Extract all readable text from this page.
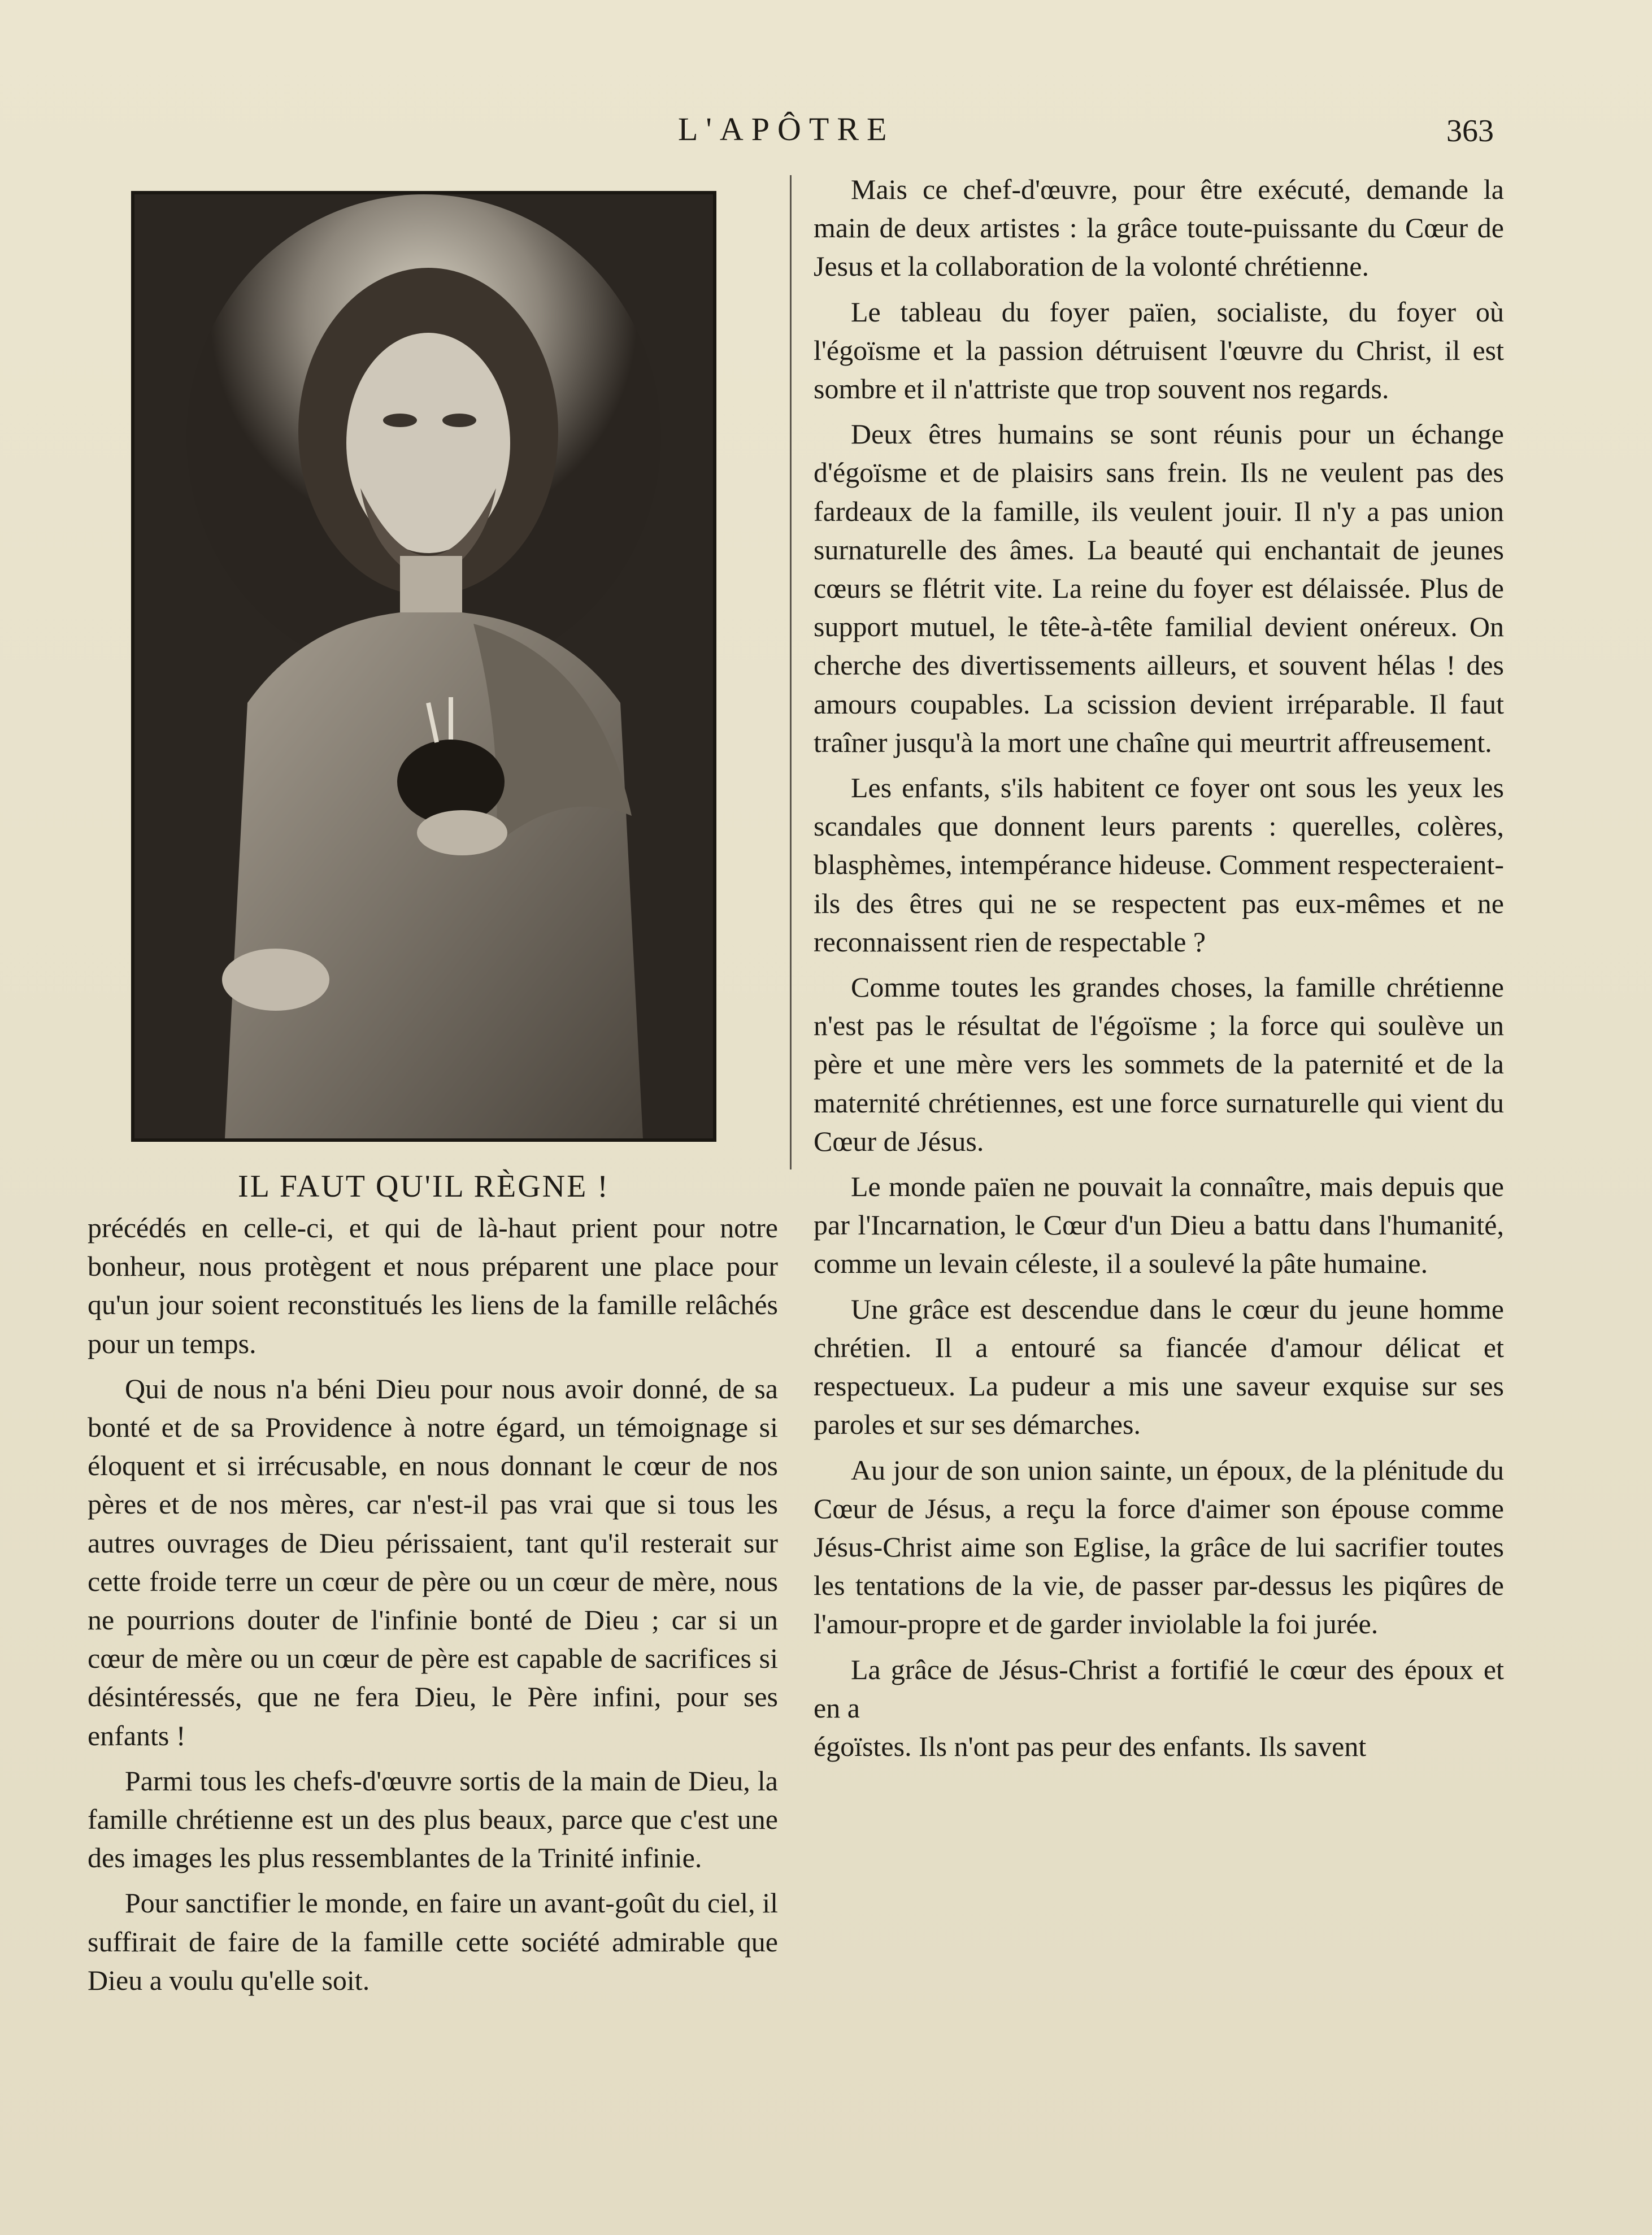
L'APÔTRE	363
IL FAUT QU'IL RÈGNE !

précédés en celle-ci, et qui de là-haut prient pour notre bonheur, nous protègent et nous préparent une place pour qu'un jour soient reconstitués les liens de la famille relâchés pour un temps.

Qui de nous n'a béni Dieu pour nous avoir donné, de sa bonté et de sa Providence à notre égard, un témoignage si éloquent et si irrécusable, en nous donnant le cœur de nos pères et de nos mères, car n'est-il pas vrai que si tous les autres ouvrages de Dieu périssaient, tant qu'il resterait sur cette froide terre un cœur de père ou un cœur de mère, nous ne pourrions douter de l'infinie bonté de Dieu ; car si un cœur de mère ou un cœur de père est capable de sacrifices si désintéressés, que ne fera Dieu, le Père infini, pour ses enfants !

Parmi tous les chefs-d'œuvre sortis de la main de Dieu, la famille chrétienne est un des plus beaux, parce que c'est une des images les plus ressemblantes de la Trinité infinie.

Pour sanctifier le monde, en faire un avant-goût du ciel, il suffirait de faire de la famille cette société admirable que Dieu a voulu qu'elle soit.

Mais ce chef-d'œuvre, pour être exécuté, demande la main de deux artistes : la grâce toute-puissante du Cœur de Jesus et la collaboration de la volonté chrétienne.

Le tableau du foyer païen, socialiste, du foyer où l'égoïsme et la passion détruisent l'œuvre du Christ, il est sombre et il n'attriste que trop souvent nos regards.

Deux êtres humains se sont réunis pour un échange d'égoïsme et de plaisirs sans frein. Ils ne veulent pas des fardeaux de la famille, ils veulent jouir. Il n'y a pas union surnaturelle des âmes. La beauté qui enchantait de jeunes cœurs se flétrit vite. La reine du foyer est délaissée. Plus de support mutuel, le tête-à-tête familial devient onéreux. On cherche des divertissements ailleurs, et souvent hélas ! des amours coupables. La scission devient irréparable. Il faut traîner jusqu'à la mort une chaîne qui meurtrit affreusement.

Les enfants, s'ils habitent ce foyer ont sous les yeux les scandales que donnent leurs parents : querelles, colères, blasphèmes, intempérance hideuse. Comment respecteraient-ils des êtres qui ne se respectent pas eux-mêmes et ne reconnaissent rien de respectable ?

Comme toutes les grandes choses, la famille chrétienne n'est pas le résultat de l'égoïsme ; la force qui soulève un père et une mère vers les sommets de la paternité et de la maternité chrétiennes, est une force surnaturelle qui vient du Cœur de Jésus.

Le monde païen ne pouvait la connaître, mais depuis que par l'Incarnation, le Cœur d'un Dieu a battu dans l'humanité, comme un levain céleste, il a soulevé la pâte humaine.

Une grâce est descendue dans le cœur du jeune homme chrétien. Il a entouré sa fiancée d'amour délicat et respectueux. La pudeur a mis une saveur exquise sur ses paroles et sur ses démarches.

Au jour de son union sainte, un époux, de la plénitude du Cœur de Jésus, a reçu la force d'aimer son épouse comme Jésus-Christ aime son Eglise, la grâce de lui sacrifier toutes les tentations de la vie, de passer par-dessus les piqûres de l'amour-propre et de garder inviolable la foi jurée.

La grâce de Jésus-Christ a fortifié le cœur des époux et en a

égoïstes. Ils n'ont pas peur des enfants. Ils savent
